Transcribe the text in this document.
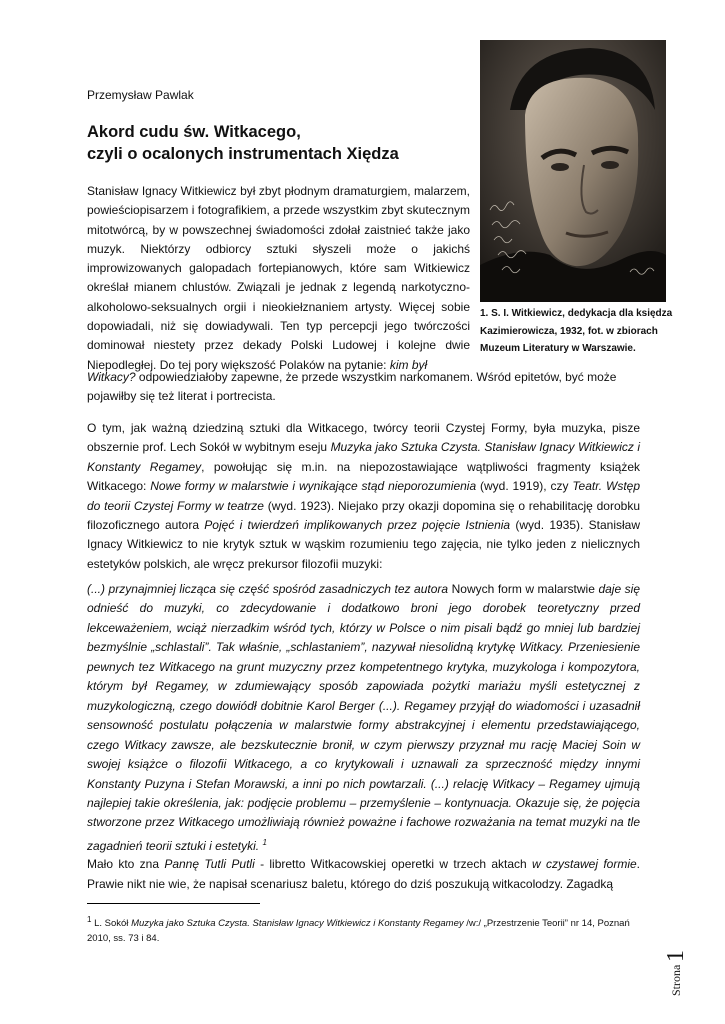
Przemysław Pawlak
Akord cudu św. Witkacego,
czyli o ocalonych instrumentach Xiędza
1. S. I. Witkiewicz, dedykacja dla księdza Kazimierowicza, 1932, fot. w zbiorach Muzeum Literatury w Warszawie.

Stanisław Ignacy Witkiewicz był zbyt płodnym dramaturgiem, malarzem, powieściopisarzem i fotografikiem, a przede wszystkim zbyt skutecznym mitotwórcą, by w powszechnej świadomości zdołał zaistnieć także jako muzyk. Niektórzy odbiorcy sztuki słyszeli może o jakichś improwizowanych galopadach fortepianowych, które sam Witkiewicz określał mianem chlustów. Związali je jednak z legendą narkotyczno-alkoholowo-seksualnych orgii i nieokiełznaniem artysty. Więcej sobie dopowiadali, niż się dowiadywali. Ten typ percepcji jego twórczości dominował niestety przez dekady Polski Ludowej i kolejne dwie Niepodległej. Do tej pory większość Polaków na pytanie: kim był

Witkacy? odpowiedziałoby zapewne, że przede wszystkim narkomanem. Wśród epitetów, być może pojawiłby się też literat i portrecista.

O tym, jak ważną dziedziną sztuki dla Witkacego, twórcy teorii Czystej Formy, była muzyka, pisze obszernie prof. Lech Sokół w wybitnym eseju Muzyka jako Sztuka Czysta. Stanisław Ignacy Witkiewicz i Konstanty Regamey, powołując się m.in. na niepozostawiające wątpliwości fragmenty książek Witkacego: Nowe formy w malarstwie i wynikające stąd nieporozumienia (wyd. 1919), czy Teatr. Wstęp do teorii Czystej Formy w teatrze (wyd. 1923). Niejako przy okazji dopomina się o rehabilitację dorobku filozoficznego autora Pojęć i twierdzeń implikowanych przez pojęcie Istnienia (wyd. 1935). Stanisław Ignacy Witkiewicz to nie krytyk sztuk w wąskim rozumieniu tego zajęcia, nie tylko jeden z nielicznych estetyków polskich, ale wręcz prekursor filozofii muzyki:

(...) przynajmniej licząca się część spośród zasadniczych tez autora Nowych form w malarstwie daje się odnieść do muzyki, co zdecydowanie i dodatkowo broni jego dorobek teoretyczny przed lekceważeniem, wciąż nierzadkim wśród tych, którzy w Polsce o nim pisali bądź go mniej lub bardziej bezmyślnie „schlastali”. Tak właśnie, „schlastaniem”, nazywał niesolidną krytykę Witkacy. Przeniesienie pewnych tez Witkacego na grunt muzyczny przez kompetentnego krytyka, muzykologa i kompozytora, którym był Regamey, w zdumiewający sposób zapowiada pożytki mariażu myśli estetycznej z muzykologiczną, czego dowiódł dobitnie Karol Berger (...). Regamey przyjął do wiadomości i uzasadnił sensowność postulatu połączenia w malarstwie formy abstrakcyjnej i elementu przedstawiającego, czego Witkacy zawsze, ale bezskutecznie bronił, w czym pierwszy przyznał mu rację Maciej Soin w swojej książce o filozofii Witkacego, a co krytykowali i uznawali za sprzeczność między innymi Konstanty Puzyna i Stefan Morawski, a inni po nich powtarzali. (...) relację Witkacy – Regamey ujmują najlepiej takie określenia, jak: podjęcie problemu – przemyślenie – kontynuacja. Okazuje się, że pojęcia stworzone przez Witkacego umożliwiają również poważne i fachowe rozważania na temat muzyki na tle zagadnień teorii sztuki i estetyki. $^1$

Mało kto zna Pannę Tutli Putli - libretto Witkacowskiej operetki w trzech aktach w czystawej formie. Prawie nikt nie wie, że napisał scenariusz baletu, którego do dziś poszukują witkacolodzy. Zagadką

$^1$ L. Sokół Muzyka jako Sztuka Czysta. Stanisław Ignacy Witkiewicz i Konstanty Regamey /w:/ „Przestrzenie Teorii” nr 14, Poznań 2010, ss. 73 i 84.

Strona
1
